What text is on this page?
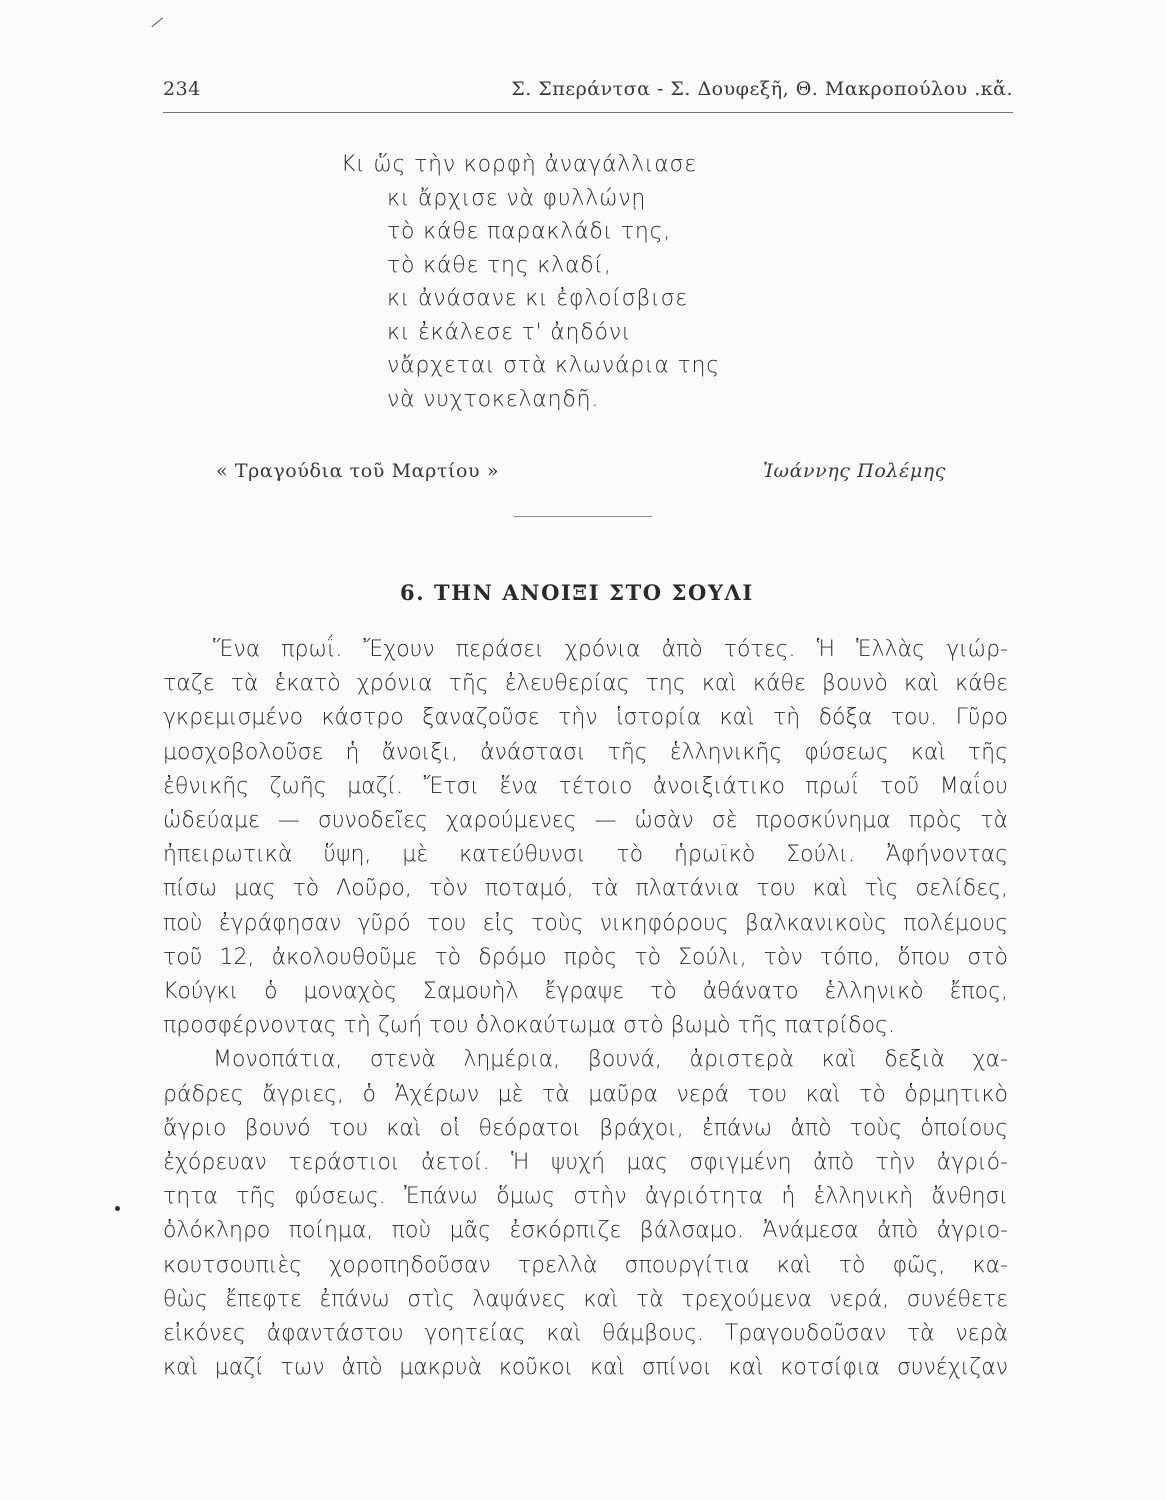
234	Σ. Σπεράντσα - Σ. Δουφεξῆ, Θ. Μακροπούλου .κἄ.
Κι ὥς τὴν κορφὴ ἀναγάλλιασε
κι ἄρχισε νὰ φυλλώνῃ
τὸ κάθε παρακλάδι της,
τὸ κάθε της κλαδί,
κι ἀνάσανε κι ἐφλοίσβισε
κι ἐκάλεσε τ' ἀηδόνι
νἄρχεται στὰ κλωνάρια της
νὰ νυχτοκελαηδῆ.
« Τραγούδια τοῦ Μαρτίου »	Ἰωάννης Πολέμης
6. ΤΗΝ ΑΝΟΙΞΙ ΣΤΟ ΣΟΥΛΙ
Ἕνα πρωΐ. Ἔχουν περάσει χρόνια ἀπὸ τότες. Ἡ Ἑλλὰς γιώρ-
ταζε τὰ ἑκατὸ χρόνια τῆς ἐλευθερίας της καὶ κάθε βουνὸ καὶ κάθε
γκρεμισμένο κάστρο ξαναζοῦσε τὴν ἱστορία καὶ τὴ δόξα του. Γῦρο
μοσχοβολοῦσε ἡ ἄνοιξι, ἀνάστασι τῆς ἑλληνικῆς φύσεως καὶ τῆς
ἐθνικῆς ζωῆς μαζί. Ἔτσι ἕνα τέτοιο ἀνοιξιάτικο πρωΐ τοῦ Μαΐου
ὡδεύαμε — συνοδεῖες χαρούμενες — ὡσὰν σὲ προσκύνημα πρὸς τὰ
ἠπειρωτικὰ ὕψη, μὲ κατεύθυνσι τὸ ἡρωϊκὸ Σούλι. Ἀφήνοντας
πίσω μας τὸ Λοῦρο, τὸν ποταμό, τὰ πλατάνια του καὶ τὶς σελίδες,
ποὺ ἐγράφησαν γῦρό του εἰς τοὺς νικηφόρους βαλκανικοὺς πολέμους
τοῦ 12, ἀκολουθοῦμε τὸ δρόμο πρὸς τὸ Σούλι, τὸν τόπο, ὅπου στὸ
Κούγκι ὁ μοναχὸς Σαμουὴλ ἔγραψε τὸ ἀθάνατο ἑλληνικὸ ἔπος,
προσφέρνοντας τὴ ζωή του ὁλοκαύτωμα στὸ βωμὸ τῆς πατρίδος.
Μονοπάτια, στενὰ λημέρια, βουνά, ἀριστερὰ καὶ δεξιὰ χα-
ράδρες ἄγριες, ὁ Ἀχέρων μὲ τὰ μαῦρα νερά του καὶ τὸ ὁρμητικὸ
ἄγριο βουνό του καὶ οἱ θεόρατοι βράχοι, ἐπάνω ἀπὸ τοὺς ὁποίους
ἐχόρευαν τεράστιοι ἀετοί. Ἡ ψυχή μας σφιγμένη ἀπὸ τὴν ἀγριό-
τητα τῆς φύσεως. Ἐπάνω ὅμως στὴν ἀγριότητα ἡ ἑλληνικὴ ἄνθησι
ὁλόκληρο ποίημα, ποὺ μᾶς ἐσκόρπιζε βάλσαμο. Ἀνάμεσα ἀπὸ ἀγριο-
κουτσουπιὲς χοροπηδοῦσαν τρελλὰ σπουργίτια καὶ τὸ φῶς, κα-
θὼς ἔπεφτε ἐπάνω στὶς λαψάνες καὶ τὰ τρεχούμενα νερά, συνέθετε
εἰκόνες ἀφαντάστου γοητείας καὶ θάμβους. Τραγουδοῦσαν τὰ νερὰ
καὶ μαζί των ἀπὸ μακρυὰ κοῦκοι καὶ σπίνοι καὶ κοτσίφια συνέχιζαν
